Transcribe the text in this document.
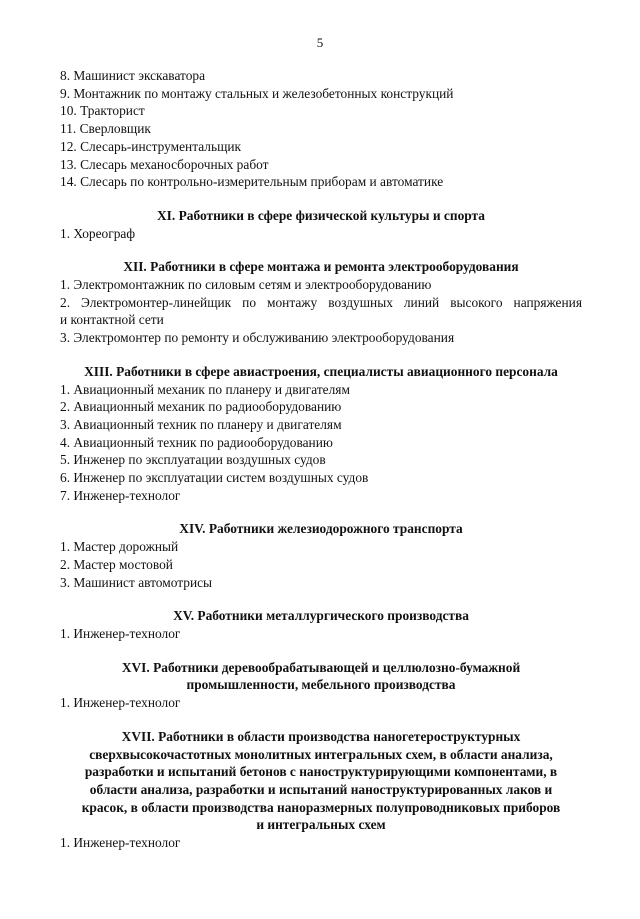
5
8. Машинист экскаватора
9. Монтажник по монтажу стальных и железобетонных конструкций
10. Тракторист
11. Сверловщик
12. Слесарь-инструментальщик
13. Слесарь механосборочных работ
14. Слесарь по контрольно-измерительным приборам и автоматике
XI. Работники в сфере физической культуры и спорта
1. Хореограф
XII. Работники в сфере монтажа и ремонта электрооборудования
1. Электромонтажник по силовым сетям и электрооборудованию
2. Электромонтер-линейщик по монтажу воздушных линий высокого напряжения
и контактной сети
3. Электромонтер по ремонту и обслуживанию электрооборудования
XIII. Работники в сфере авиастроения, специалисты авиационного персонала
1. Авиационный механик по планеру и двигателям
2. Авиационный механик по радиооборудованию
3. Авиационный техник по планеру и двигателям
4. Авиационный техник по радиооборудованию
5. Инженер по эксплуатации воздушных судов
6. Инженер по эксплуатации систем воздушных судов
7. Инженер-технолог
XIV. Работники железиодорожного транспорта
1. Мастер дорожный
2. Мастер мостовой
3. Машинист автомотрисы
XV. Работники металлургического производства
1. Инженер-технолог
XVI. Работники деревообрабатывающей и целлюлозно-бумажной
промышленности, мебельного производства
1. Инженер-технолог
XVII. Работники в области производства наногетероструктурных
сверхвысокочастотных монолитных интегральных схем, в области анализа,
разработки и испытаний бетонов с наноструктурирующими компонентами, в
области анализа, разработки и испытаний наноструктурированных лаков и
красок, в области производства наноразмерных полупроводниковых приборов
и интегральных схем
1. Инженер-технолог
